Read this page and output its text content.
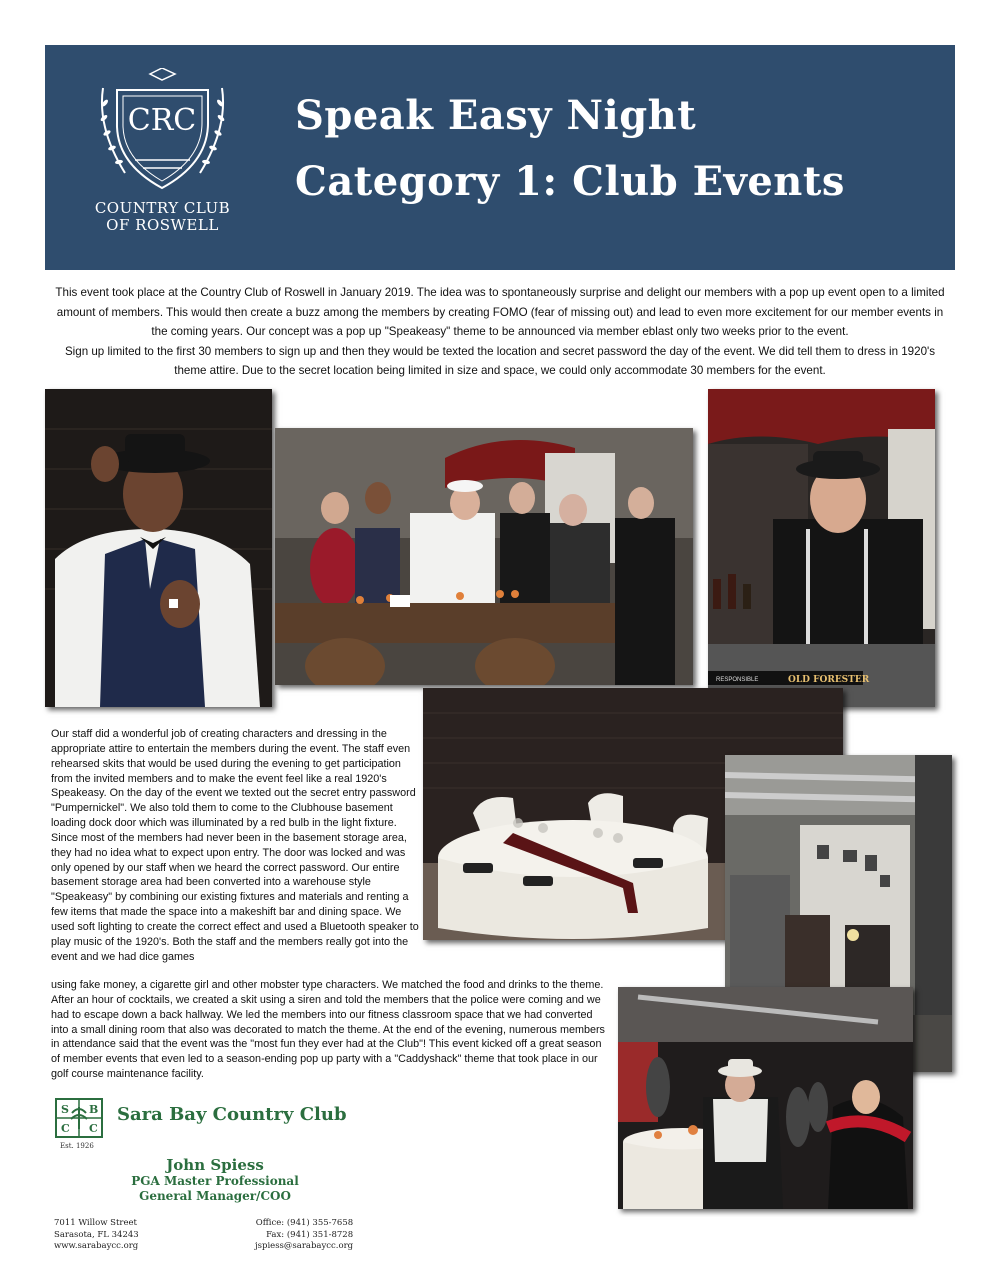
CRC
COUNTRY CLUB
OF ROSWELL
Speak Easy Night
Category 1: Club Events
This event took place at the Country Club of Roswell in January 2019. The idea was to spontaneously surprise and delight our members with a pop up event open to a limited amount of members. This would then create a buzz among the members by creating FOMO (fear of missing out) and lead to even more excitement for our member events in the coming years. Our concept was a pop up "Speakeasy" theme to be announced via member eblast only two weeks prior to the event.
Sign up limited to the first 30 members to sign up and then they would be texted the location and secret password the day of the event. We did tell them to dress in 1920's theme attire. Due to the secret location being limited in size and space, we could only accommodate 30 members for the event.
RESPONSIBLE	OLD FORESTER
Our staff did a wonderful job of creating characters and dressing in the appropriate attire to entertain the members during the event. The staff even rehearsed skits that would be used during the evening to get participation from the invited members and to make the event feel like a real 1920's Speakeasy. On the day of the event we texted out the secret entry password "Pumpernickel". We also told them to come to the Clubhouse basement loading dock door which was illuminated by a red bulb in the light fixture. Since most of the members had never been in the basement storage area, they had no idea what to expect upon entry. The door was locked and was only opened by our staff when we heard the correct password. Our entire basement storage area had been converted into a warehouse style "Speakeasy" by combining our existing fixtures and materials and renting a few items that made the space into a makeshift bar and dining space. We used soft lighting to create the correct effect and used a Bluetooth speaker to play music of the 1920's. Both the staff and the members really got into the event and we had dice games
using fake money, a cigarette girl and other mobster type characters. We matched the food and drinks to the theme. After an hour of cocktails, we created a skit using a siren and told the members that the police were coming and we had to escape down a back hallway. We led the members into our fitness classroom space that we had converted into a small dining room that also was decorated to match the theme. At the end of the evening, numerous members in attendance said that the event was the "most fun they ever had at the Club"! This event kicked off a great season of member events that even led to a season-ending pop up party with a "Caddyshack" theme that took place in our golf course maintenance facility.
S B
C C
Est. 1926
Sara Bay Country Club
John Spiess
PGA Master Professional
General Manager/COO
7011 Willow Street
Sarasota, FL 34243
www.sarabaycc.org
Office: (941) 355-7658
Fax: (941) 351-8728
jspiess@sarabaycc.org
